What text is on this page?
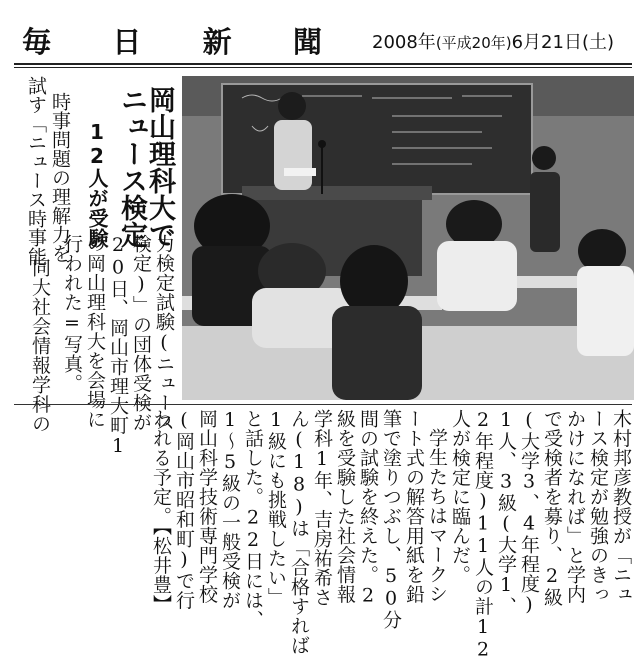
毎 日 新 聞	2008年(平成20年)6月21日(土)
岡山理科大で
ニュース検定
12人が受験
時事問題の理解力を
試す「ニュース時事能
力検定試験(ニュース
検定)」の団体受検が
20日、岡山市理大町1
の岡山理科大を会場に
行われた=写真。
同大社会情報学科の
木村邦彦教授が「ニュ
ース検定が勉強のきっ
かけになれば」と学内
で受検者を募り、2級
(大学3、4年程度)
1人、3級(大学1、
2年程度)11人の計12
人が検定に臨んだ。
学生たちはマークシ
ート式の解答用紙を鉛
筆で塗りつぶし、50分
間の試験を終えた。2
級を受験した社会情報
学科1年、吉房祐希さ
ん(18)は「合格すれば
1級にも挑戦したい」
と話した。22日には、
1～5級の一般受検が
岡山科学技術専門学校
(岡山市昭和町)で行
われる予定。【松井豊】
